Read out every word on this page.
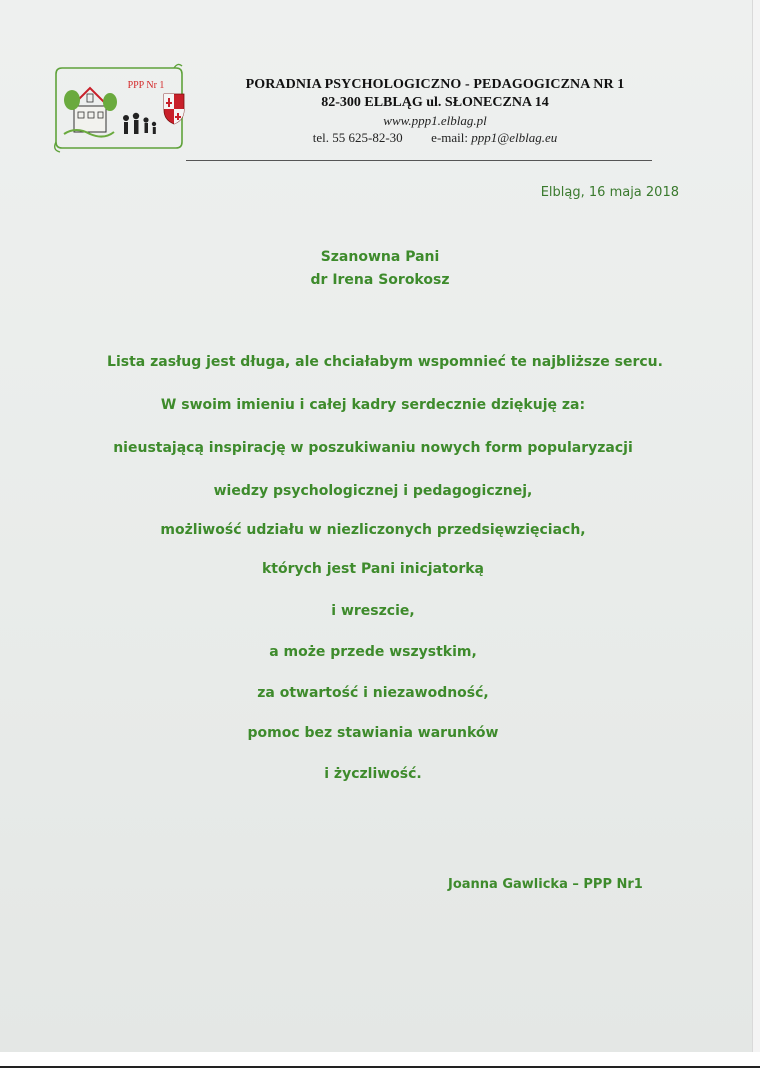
PPP Nr 1	PORADNIA PSYCHOLOGICZNO - PEDAGOGICZNA NR 1
82-300 ELBLĄG ul. SŁONECZNA 14
www.ppp1.elblag.pl
tel. 55 625-82-30 e-mail: ppp1@elblag.eu
Elbląg, 16 maja 2018
Szanowna Pani
dr Irena Sorokosz
Lista zasług jest długa, ale chciałabym wspomnieć te najbliższe sercu.
W swoim imieniu i całej kadry serdecznie dziękuję za:
nieustającą inspirację w poszukiwaniu nowych form popularyzacji
wiedzy psychologicznej i pedagogicznej,
możliwość udziału w niezliczonych przedsięwzięciach,
których jest Pani inicjatorką
i wreszcie,
a może przede wszystkim,
za otwartość i niezawodność,
pomoc bez stawiania warunków
i życzliwość.
Joanna Gawlicka – PPP Nr1
